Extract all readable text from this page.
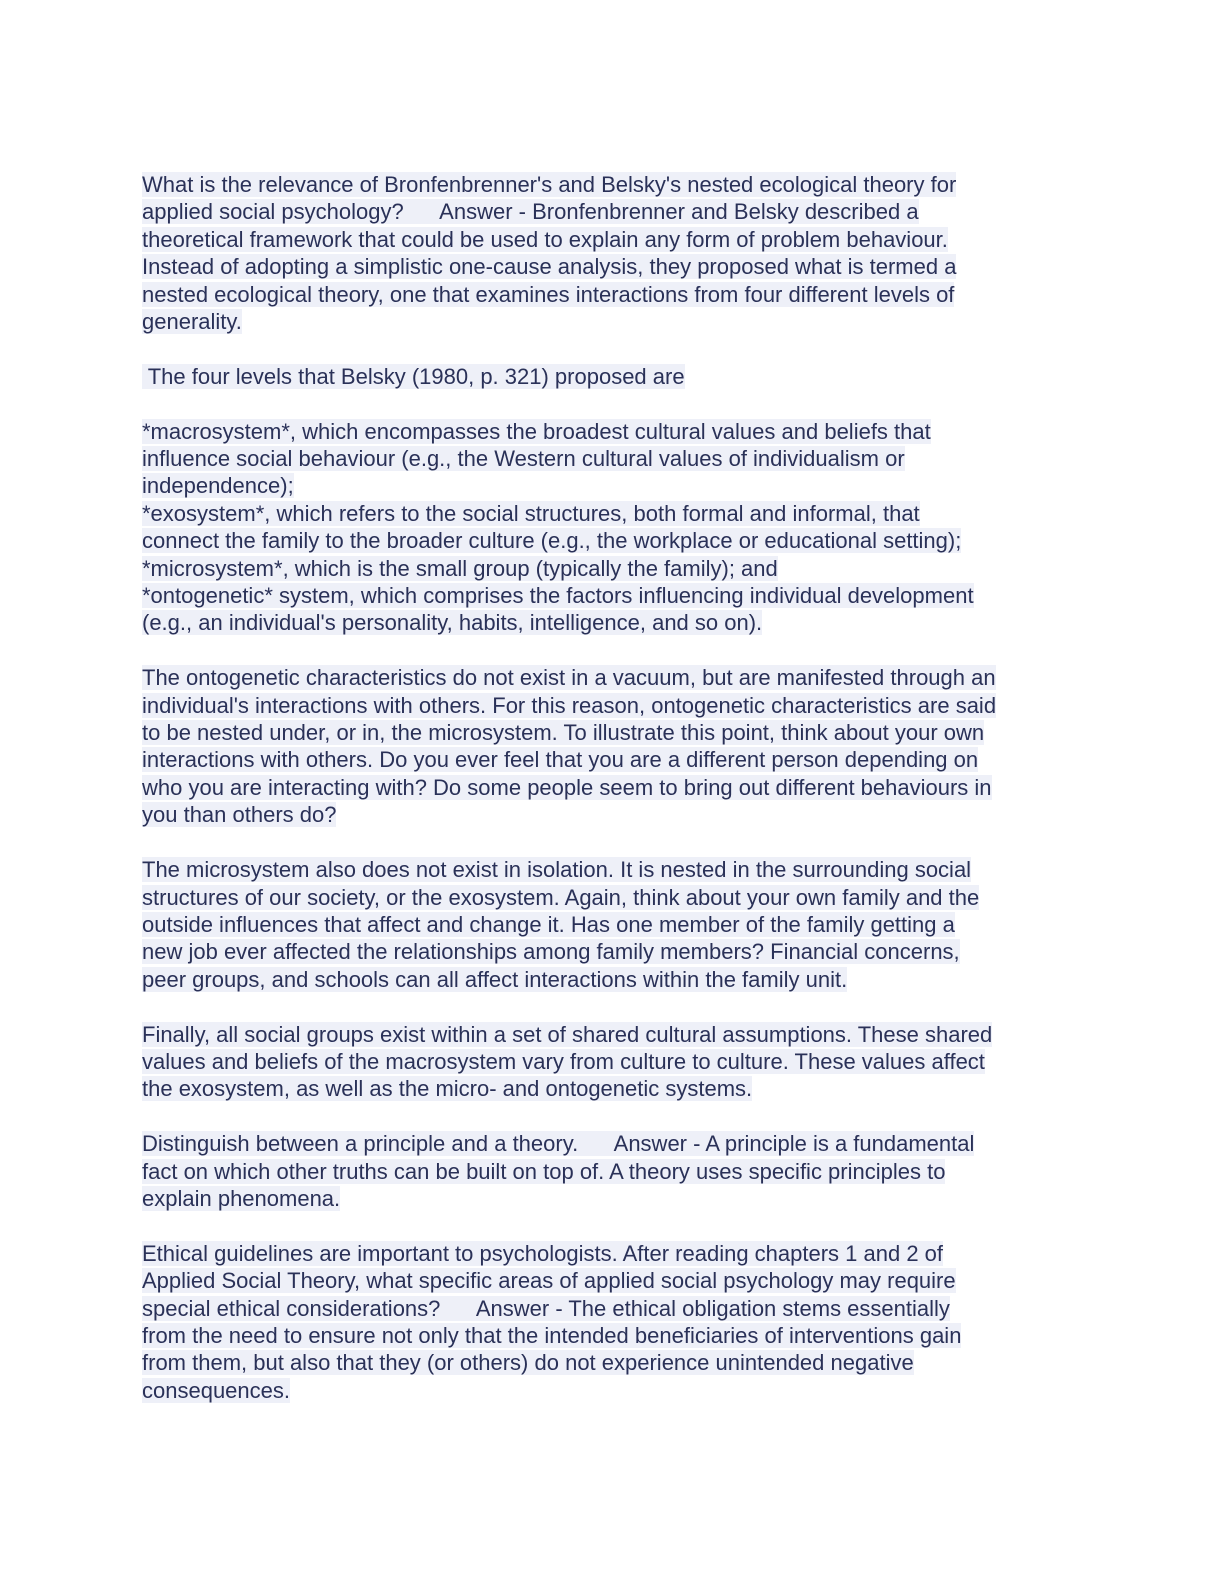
What is the relevance of Bronfenbrenner's and Belsky's nested ecological theory for
applied social psychology?      Answer - Bronfenbrenner and Belsky described a
theoretical framework that could be used to explain any form of problem behaviour.
Instead of adopting a simplistic one-cause analysis, they proposed what is termed a
nested ecological theory, one that examines interactions from four different levels of
generality.
The four levels that Belsky (1980, p. 321) proposed are
*macrosystem*, which encompasses the broadest cultural values and beliefs that
influence social behaviour (e.g., the Western cultural values of individualism or
independence);
*exosystem*, which refers to the social structures, both formal and informal, that
connect the family to the broader culture (e.g., the workplace or educational setting);
*microsystem*, which is the small group (typically the family); and
*ontogenetic* system, which comprises the factors influencing individual development
(e.g., an individual's personality, habits, intelligence, and so on).
The ontogenetic characteristics do not exist in a vacuum, but are manifested through an
individual's interactions with others. For this reason, ontogenetic characteristics are said
to be nested under, or in, the microsystem. To illustrate this point, think about your own
interactions with others. Do you ever feel that you are a different person depending on
who you are interacting with? Do some people seem to bring out different behaviours in
you than others do?
The microsystem also does not exist in isolation. It is nested in the surrounding social
structures of our society, or the exosystem. Again, think about your own family and the
outside influences that affect and change it. Has one member of the family getting a
new job ever affected the relationships among family members? Financial concerns,
peer groups, and schools can all affect interactions within the family unit.
Finally, all social groups exist within a set of shared cultural assumptions. These shared
values and beliefs of the macrosystem vary from culture to culture. These values affect
the exosystem, as well as the micro- and ontogenetic systems.
Distinguish between a principle and a theory.      Answer - A principle is a fundamental
fact on which other truths can be built on top of. A theory uses specific principles to
explain phenomena.
Ethical guidelines are important to psychologists. After reading chapters 1 and 2 of
Applied Social Theory, what specific areas of applied social psychology may require
special ethical considerations?      Answer - The ethical obligation stems essentially
from the need to ensure not only that the intended beneficiaries of interventions gain
from them, but also that they (or others) do not experience unintended negative
consequences.
